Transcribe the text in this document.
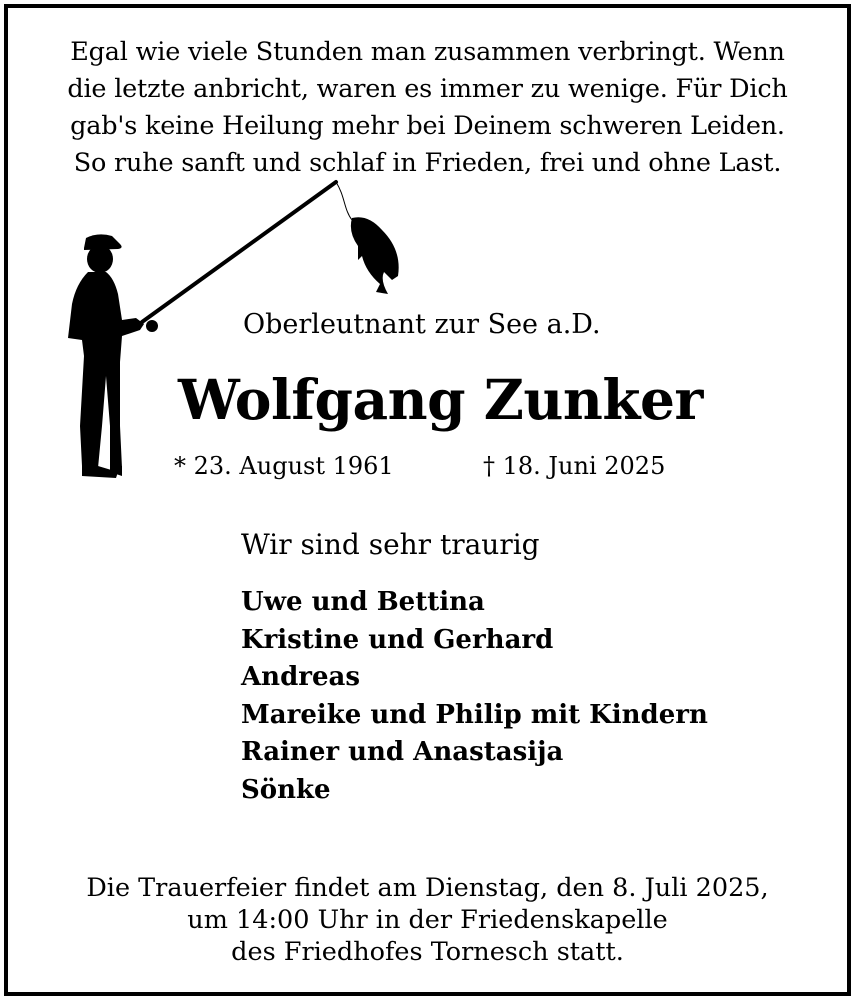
Egal wie viele Stunden man zusammen verbringt. Wenn
die letzte anbricht, waren es immer zu wenige. Für Dich
gab's keine Heilung mehr bei Deinem schweren Leiden.
So ruhe sanft und schlaf in Frieden, frei und ohne Last.
Oberleutnant zur See a.D.
Wolfgang Zunker
* 23. August 1961	† 18. Juni 2025
Wir sind sehr traurig
Uwe und Bettina
Kristine und Gerhard
Andreas
Mareike und Philip mit Kindern
Rainer und Anastasija
Sönke
Die Trauerfeier findet am Dienstag, den 8. Juli 2025,
um 14:00 Uhr in der Friedenskapelle
des Friedhofes Tornesch statt.
